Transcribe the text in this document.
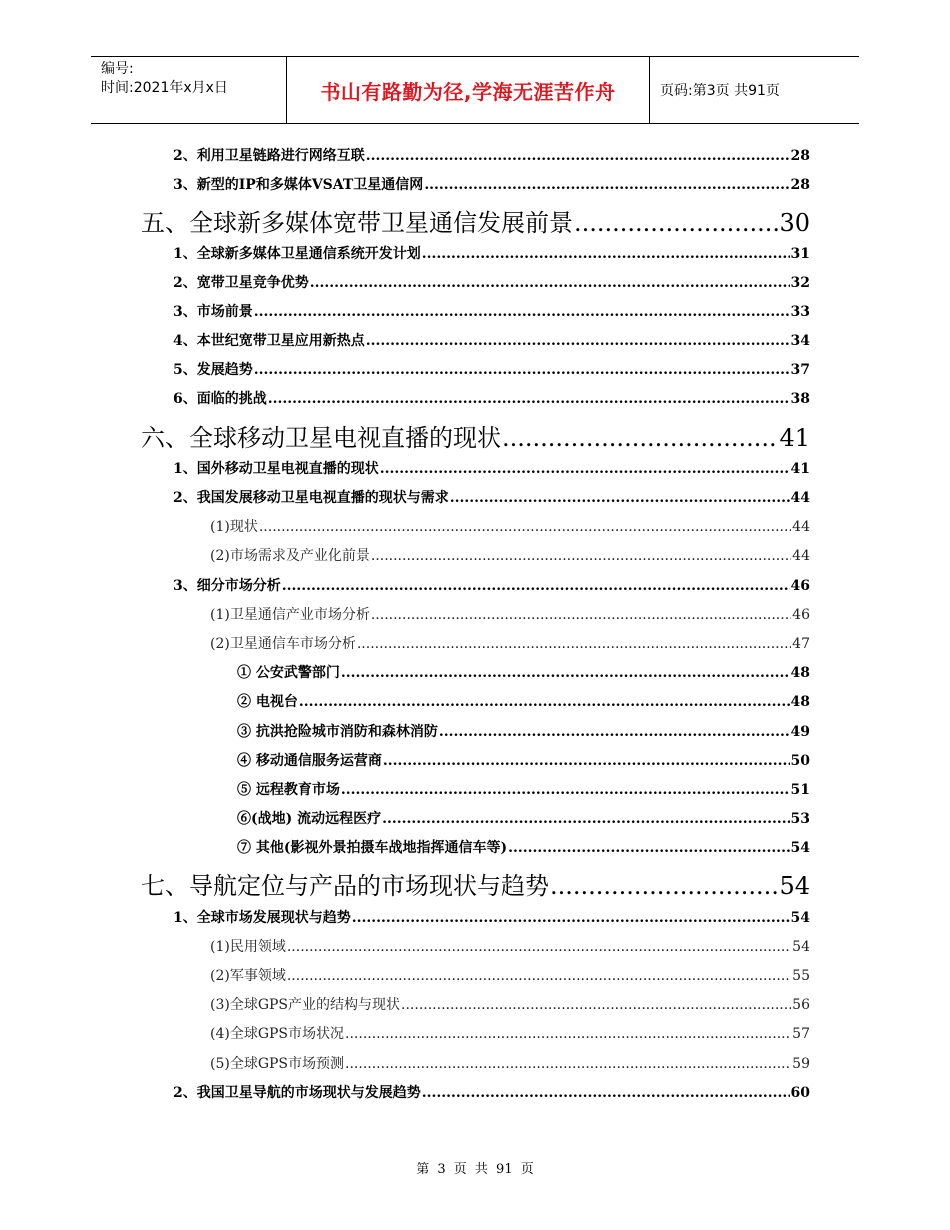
编号:
时间:2021年x月x日	书山有路勤为径,学海无涯苦作舟	页码:第3页 共91页
2、利用卫星链路进行网络互联 .....	28
3、新型的IP和多媒体VSAT卫星通信网 .....	28
五、全球新多媒体宽带卫星通信发展前景 .....	30
1、全球新多媒体卫星通信系统开发计划 .....	31
2、宽带卫星竞争优势 .....	32
3、市场前景 .....	33
4、本世纪宽带卫星应用新热点 .....	34
5、发展趋势 .....	37
6、面临的挑战 .....	38
六、全球移动卫星电视直播的现状 .....	41
1、国外移动卫星电视直播的现状 .....	41
2、我国发展移动卫星电视直播的现状与需求 .....	44
(1)现状 .....	44
(2)市场需求及产业化前景 .....	44
3、细分市场分析 .....	46
(1)卫星通信产业市场分析 .....	46
(2)卫星通信车市场分析 .....	47
① 公安武警部门 .....	48
② 电视台 .....	48
③ 抗洪抢险城市消防和森林消防 .....	49
④ 移动通信服务运营商 .....	50
⑤ 远程教育市场 .....	51
⑥(战地) 流动远程医疗 .....	53
⑦ 其他(影视外景拍摄车战地指挥通信车等) .....	54
七、导航定位与产品的市场现状与趋势 .....	54
1、全球市场发展现状与趋势 .....	54
(1)民用领域 .....	54
(2)军事领域 .....	55
(3)全球GPS产业的结构与现状 .....	56
(4)全球GPS市场状况 .....	57
(5)全球GPS市场预测 .....	59
2、我国卫星导航的市场现状与发展趋势 .....	60
第 3 页 共 91 页
